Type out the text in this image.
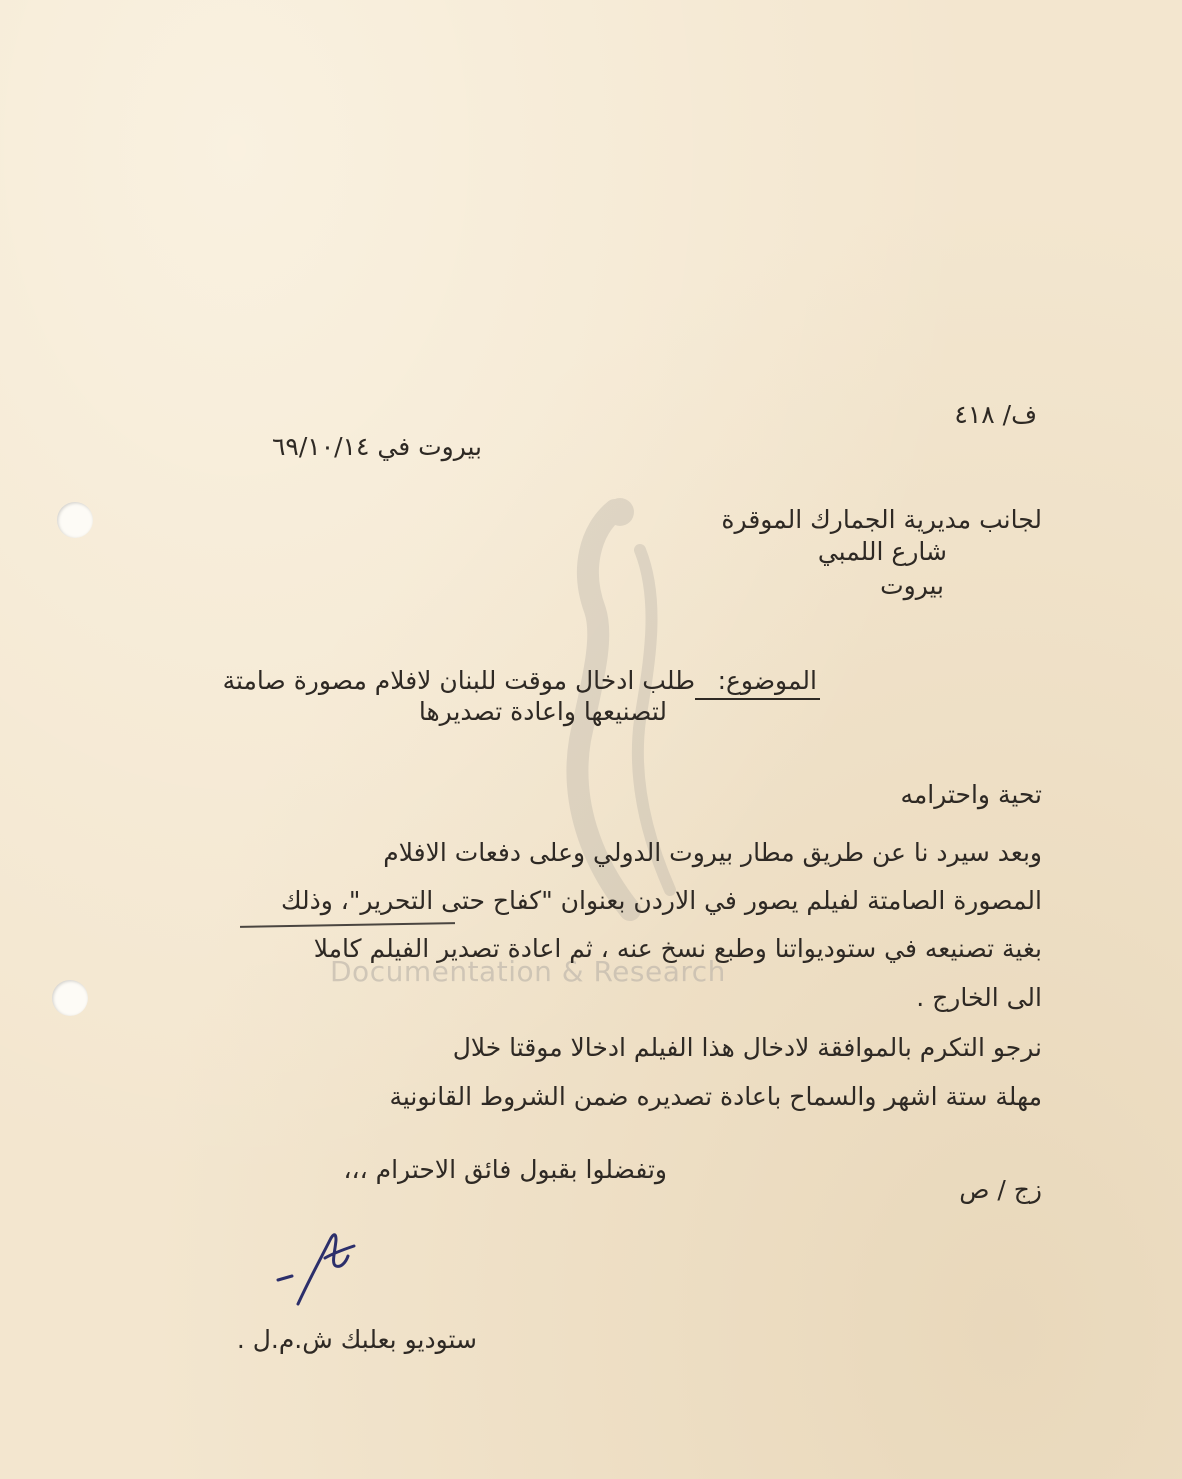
Documentation & Research
ف/ ٤١٨
بيروت في ٦٩/١٠/١٤
لجانب مديرية الجمارك الموقرة
شارع اللمبي
بيروت
الموضوع:
طلب ادخال موقت للبنان لافلام مصورة صامتة
لتصنيعها واعادة تصديرها
تحية واحترامه
وبعد سيرد نا عن طريق مطار بيروت الدولي وعلى دفعات الافلام
المصورة الصامتة لفيلم يصور في الاردن بعنوان "كفاح حتى التحرير"، وذلك
بغية تصنيعه في ستوديواتنا وطبع نسخ عنه ، ثم اعادة تصدير الفيلم كاملا
الى الخارج .
نرجو التكرم بالموافقة لادخال هذا الفيلم ادخالا موقتا خلال
مهلة ستة اشهر والسماح باعادة تصديره ضمن الشروط القانونية
وتفضلوا بقبول فائق الاحترام ،،،
زج / ص
ستوديو بعلبك ش.م.ل .
